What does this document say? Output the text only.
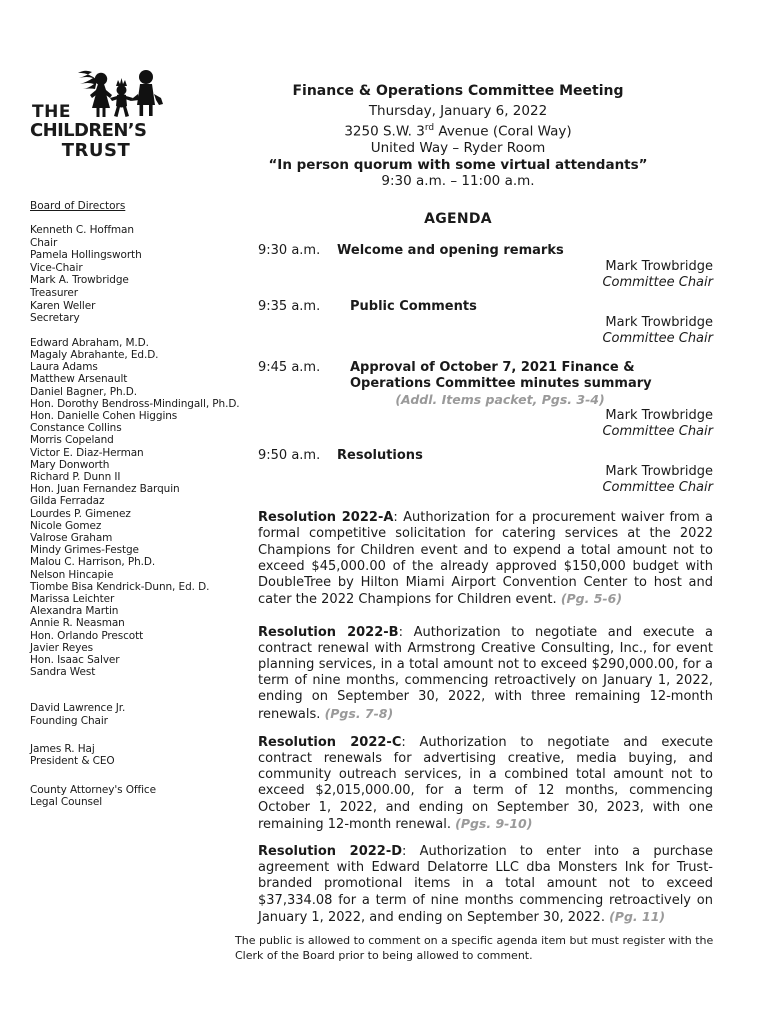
THE
CHILDREN’S
TRUST
Board of Directors
Kenneth C. Hoffman
Chair
Pamela Hollingsworth
Vice-Chair
Mark A. Trowbridge
Treasurer
Karen Weller
Secretary
Edward Abraham, M.D.
Magaly Abrahante, Ed.D.
Laura Adams
Matthew Arsenault
Daniel Bagner, Ph.D.
Hon. Dorothy Bendross-Mindingall, Ph.D.
Hon. Danielle Cohen Higgins
Constance Collins
Morris Copeland
Victor E. Diaz-Herman
Mary Donworth
Richard P. Dunn II
Hon. Juan Fernandez Barquin
Gilda Ferradaz
Lourdes P. Gimenez
Nicole Gomez
Valrose Graham
Mindy Grimes-Festge
Malou C. Harrison, Ph.D.
Nelson Hincapie
Tiombe Bisa Kendrick-Dunn, Ed. D.
Marissa Leichter
Alexandra Martin
Annie R. Neasman
Hon. Orlando Prescott
Javier Reyes
Hon. Isaac Salver
Sandra West
David Lawrence Jr.
Founding Chair
James R. Haj
President & CEO
County Attorney's Office
Legal Counsel
Finance & Operations Committee Meeting
Thursday, January 6, 2022
3250 S.W. 3rd Avenue (Coral Way)
United Way – Ryder Room
“In person quorum with some virtual attendants”
9:30 a.m. – 11:00 a.m.
AGENDA
9:30 a.m.	Welcome and opening remarks
Mark Trowbridge
Committee Chair
9:35 a.m.	Public Comments
Mark Trowbridge
Committee Chair
9:45 a.m.	Approval of October 7, 2021 Finance & Operations Committee minutes summary
(Addl. Items packet, Pgs. 3-4)
Mark Trowbridge
Committee Chair
9:50 a.m.	Resolutions
Mark Trowbridge
Committee Chair

Resolution 2022-A: Authorization for a procurement waiver from a formal competitive solicitation for catering services at the 2022 Champions for Children event and to expend a total amount not to exceed $45,000.00 of the already approved $150,000 budget with DoubleTree by Hilton Miami Airport Convention Center to host and cater the 2022 Champions for Children event. (Pg. 5-6)

Resolution 2022-B: Authorization to negotiate and execute a contract renewal with Armstrong Creative Consulting, Inc., for event planning services, in a total amount not to exceed $290,000.00, for a term of nine months, commencing retroactively on January 1, 2022, ending on September 30, 2022, with three remaining 12-month renewals. (Pgs. 7-8)

Resolution 2022-C: Authorization to negotiate and execute contract renewals for advertising creative, media buying, and community outreach services, in a combined total amount not to exceed $2,015,000.00, for a term of 12 months, commencing October 1, 2022, and ending on September 30, 2023, with one remaining 12-month renewal. (Pgs. 9-10)

Resolution 2022-D: Authorization to enter into a purchase agreement with Edward Delatorre LLC dba Monsters Ink for Trust-branded promotional items in a total amount not to exceed $37,334.08 for a term of nine months commencing retroactively on January 1, 2022, and ending on September 30, 2022. (Pg. 11)

The public is allowed to comment on a specific agenda item but must register with the Clerk of the Board prior to being allowed to comment.
